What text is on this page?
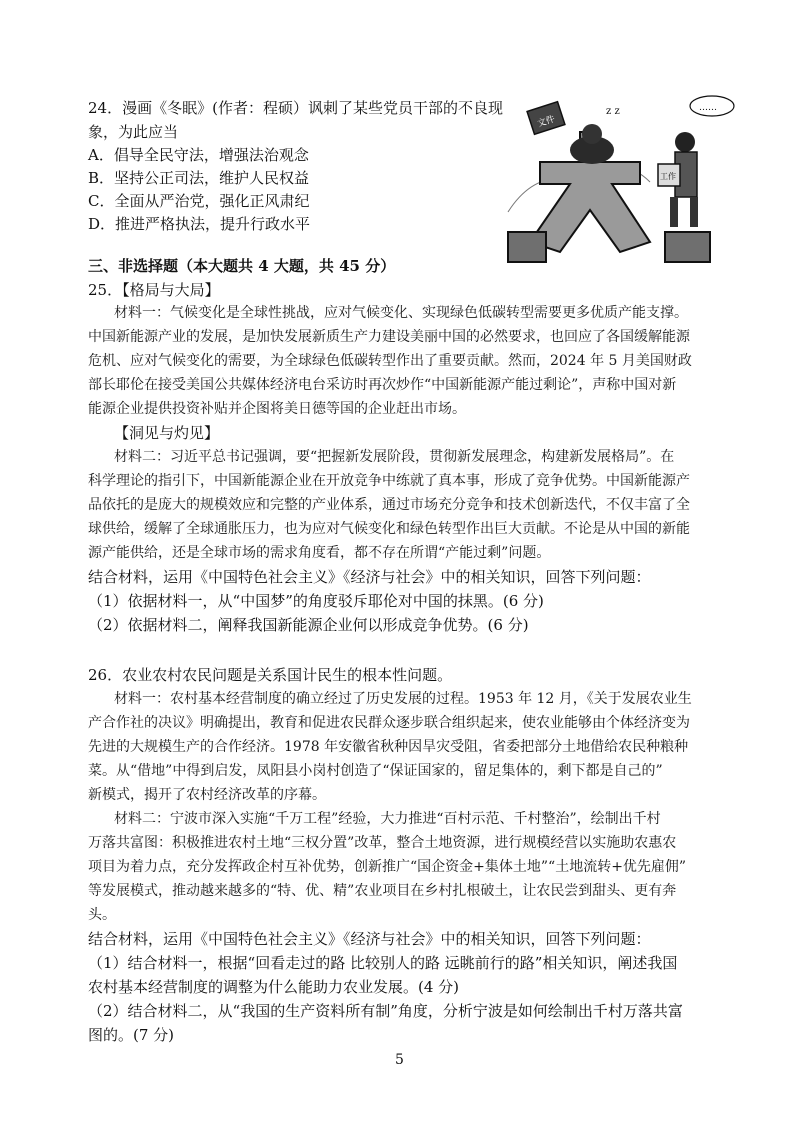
24．漫画《冬眠》(作者：程硕）讽刺了某些党员干部的不良现
象，为此应当
A．倡导全民守法，增强法治观念
B．坚持公正司法，维护人民权益
C．全面从严治党，强化正风肃纪
D．推进严格执法，提升行政水平
文件
z z
工作
……
三、非选择题（本大题共 4 大题，共 45 分）
25．【格局与大局】
材料一：气候变化是全球性挑战，应对气候变化、实现绿色低碳转型需要更多优质产能支撑。
中国新能源产业的发展，是加快发展新质生产力建设美丽中国的必然要求，也回应了各国缓解能源
危机、应对气候变化的需要，为全球绿色低碳转型作出了重要贡献。然而，2024 年 5 月美国财政
部长耶伦在接受美国公共媒体经济电台采访时再次炒作“中国新能源产能过剩论”，声称中国对新
能源企业提供投资补贴并企图将美日德等国的企业赶出市场。
【洞见与灼见】
材料二：习近平总书记强调，要“把握新发展阶段，贯彻新发展理念，构建新发展格局”。在
科学理论的指引下，中国新能源企业在开放竞争中练就了真本事，形成了竞争优势。中国新能源产
品依托的是庞大的规模效应和完整的产业体系，通过市场充分竞争和技术创新迭代，不仅丰富了全
球供给，缓解了全球通胀压力，也为应对气候变化和绿色转型作出巨大贡献。不论是从中国的新能
源产能供给，还是全球市场的需求角度看，都不存在所谓“产能过剩”问题。
结合材料，运用《中国特色社会主义》《经济与社会》中的相关知识，回答下列问题：
（1）依据材料一，从“中国梦”的角度驳斥耶伦对中国的抹黑。(6 分)
（2）依据材料二，阐释我国新能源企业何以形成竞争优势。(6 分)
26．农业农村农民问题是关系国计民生的根本性问题。
材料一：农村基本经营制度的确立经过了历史发展的过程。1953 年 12 月，《关于发展农业生
产合作社的决议》明确提出，教育和促进农民群众逐步联合组织起来，使农业能够由个体经济变为
先进的大规模生产的合作经济。1978 年安徽省秋种因旱灾受阻，省委把部分土地借给农民种粮种
菜。从“借地”中得到启发，凤阳县小岗村创造了“保证国家的，留足集体的，剩下都是自己的”
新模式，揭开了农村经济改革的序幕。
材料二：宁波市深入实施“千万工程”经验，大力推进“百村示范、千村整治”，绘制出千村
万落共富图：积极推进农村土地“三权分置”改革，整合土地资源，进行规模经营以实施助农惠农
项目为着力点，充分发挥政企村互补优势，创新推广“国企资金+集体土地”“土地流转+优先雇佣”
等发展模式，推动越来越多的“特、优、精”农业项目在乡村扎根破土，让农民尝到甜头、更有奔
头。
结合材料，运用《中国特色社会主义》《经济与社会》中的相关知识，回答下列问题：
（1）结合材料一，根据“回看走过的路 比较别人的路 远眺前行的路”相关知识，阐述我国
农村基本经营制度的调整为什么能助力农业发展。(4 分)
（2）结合材料二，从“我国的生产资料所有制”角度，分析宁波是如何绘制出千村万落共富
图的。(7 分)
5
